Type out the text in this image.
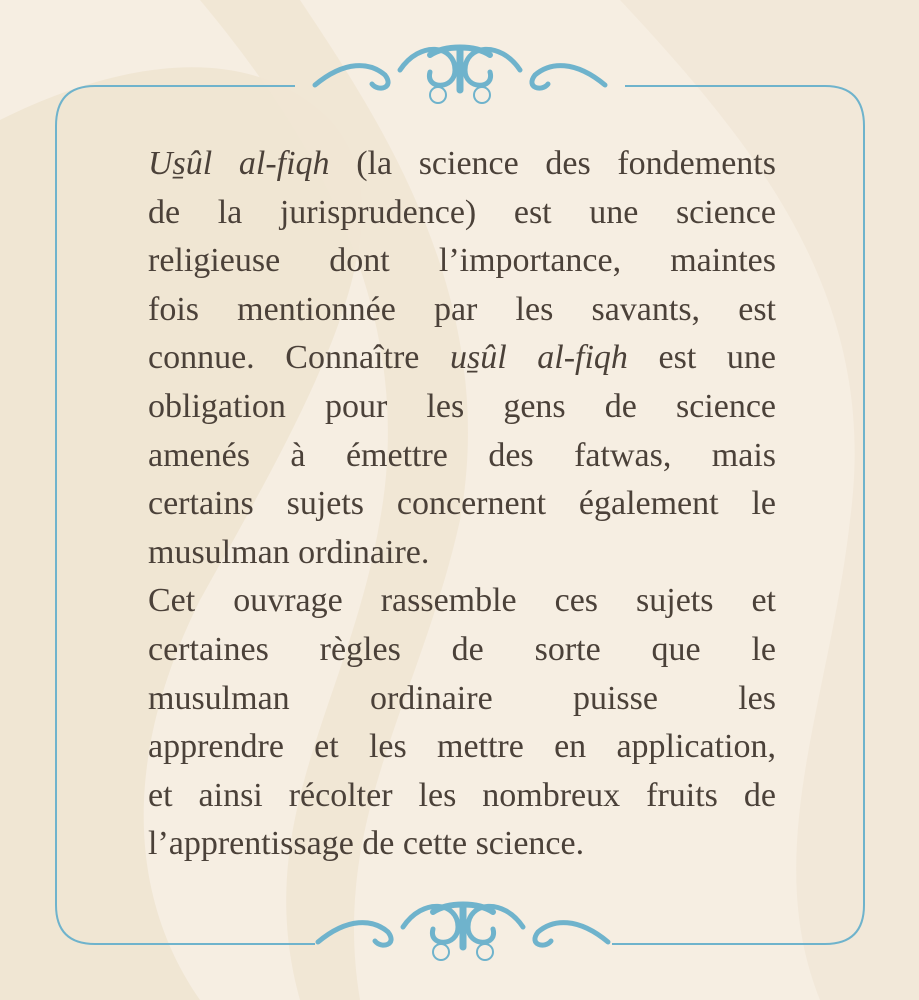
Us̱ûl al-fiqh (la science des fondements
de la jurisprudence) est une science
religieuse dont l’importance, maintes
fois mentionnée par les savants, est
connue. Connaître us̱ûl al-fiqh est une
obligation pour les gens de science
amenés à émettre des fatwas, mais
certains sujets concernent également le
musulman ordinaire.
Cet ouvrage rassemble ces sujets et
certaines règles de sorte que le
musulman ordinaire puisse les
apprendre et les mettre en application,
et ainsi récolter les nombreux fruits de
l’apprentissage de cette science.
